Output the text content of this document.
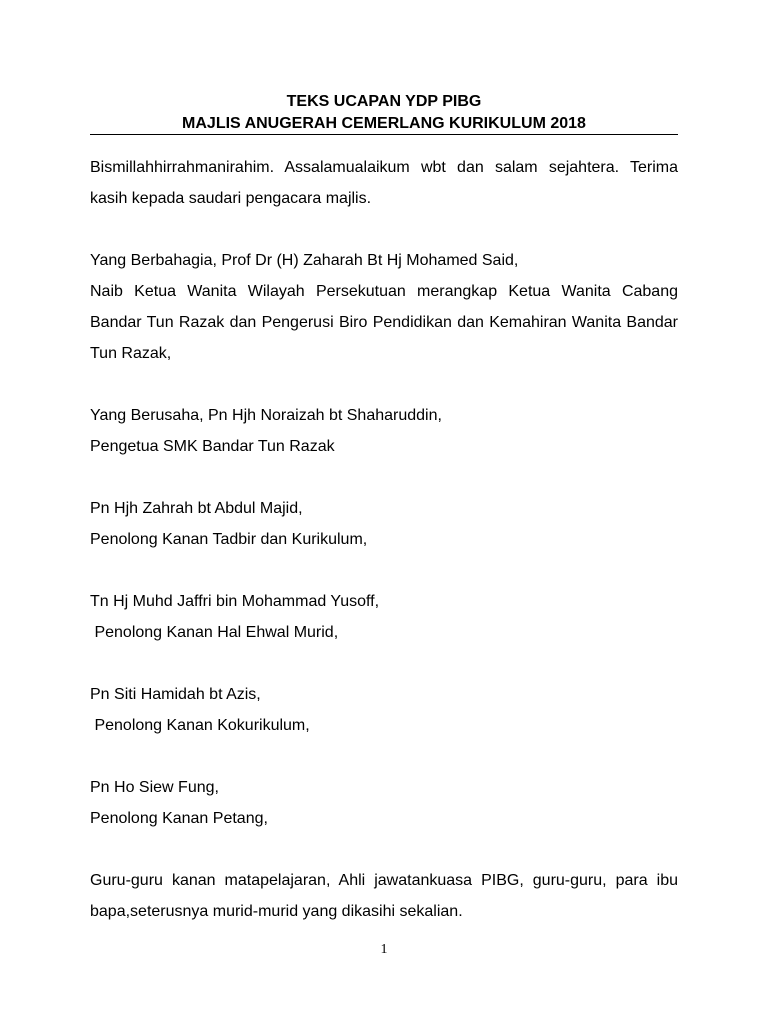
TEKS UCAPAN YDP PIBG
MAJLIS ANUGERAH CEMERLANG KURIKULUM 2018

Bismillahhirrahmanirahim. Assalamualaikum wbt dan salam sejahtera. Terima kasih kepada saudari pengacara majlis.

Yang Berbahagia, Prof Dr (H) Zaharah Bt Hj Mohamed Said,
Naib Ketua Wanita Wilayah Persekutuan merangkap Ketua Wanita Cabang Bandar Tun Razak dan Pengerusi Biro Pendidikan dan Kemahiran Wanita Bandar Tun Razak,

Yang Berusaha, Pn Hjh Noraizah bt Shaharuddin,
Pengetua SMK Bandar Tun Razak

Pn Hjh Zahrah bt Abdul Majid,
Penolong Kanan Tadbir dan Kurikulum,

Tn Hj Muhd Jaffri bin Mohammad Yusoff,
Penolong Kanan Hal Ehwal Murid,

Pn Siti Hamidah bt Azis,
Penolong Kanan Kokurikulum,

Pn Ho Siew Fung,
Penolong Kanan Petang,

Guru-guru kanan matapelajaran, Ahli jawatankuasa PIBG, guru-guru, para ibu bapa,seterusnya murid-murid yang dikasihi sekalian.

1
